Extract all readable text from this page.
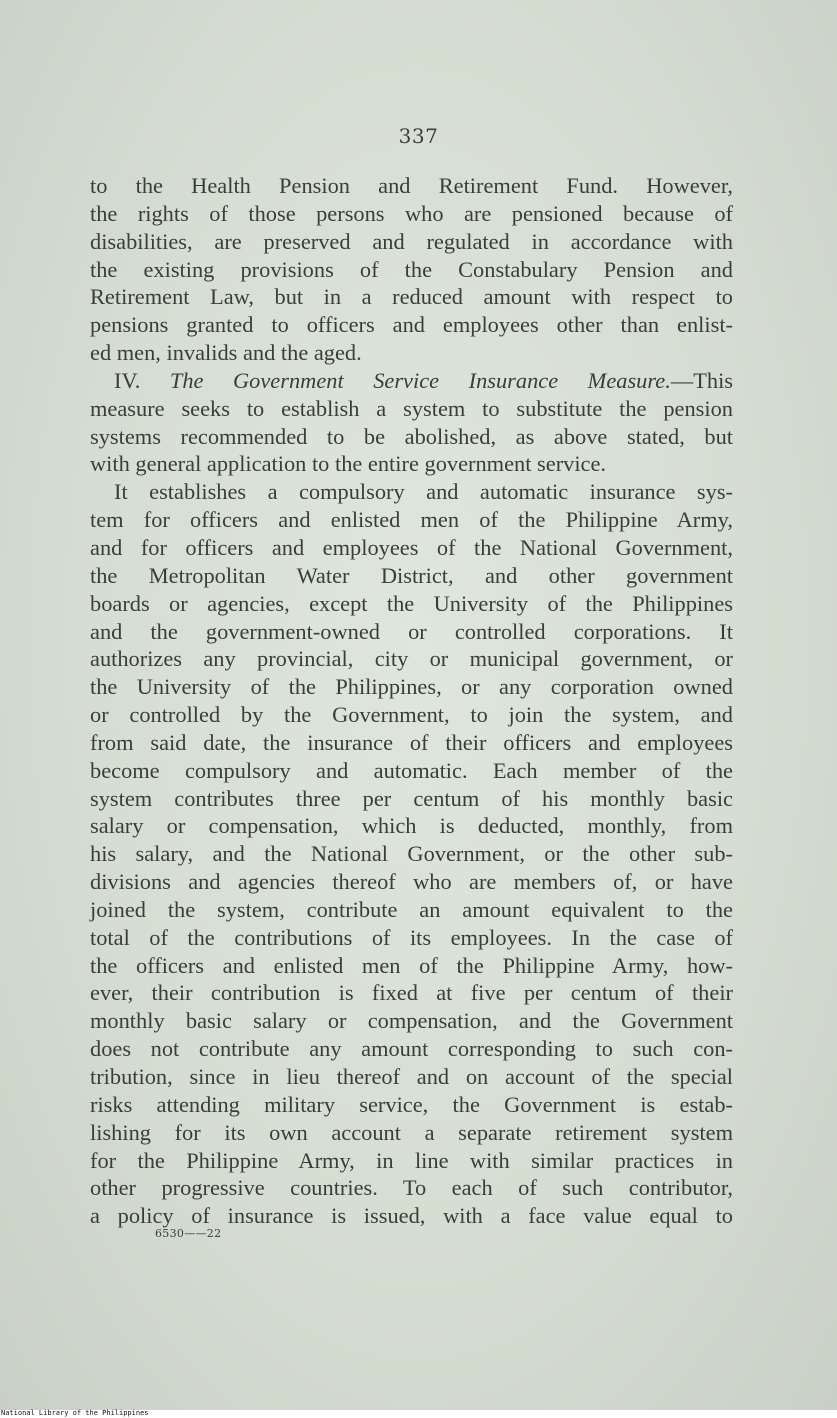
337
to the Health Pension and Retirement Fund. However,
the rights of those persons who are pensioned because of
disabilities, are preserved and regulated in accordance with
the existing provisions of the Constabulary Pension and
Retirement Law, but in a reduced amount with respect to
pensions granted to officers and employees other than enlist-
ed men, invalids and the aged.
IV. The Government Service Insurance Measure.—This
measure seeks to establish a system to substitute the pension
systems recommended to be abolished, as above stated, but
with general application to the entire government service.
It establishes a compulsory and automatic insurance sys-
tem for officers and enlisted men of the Philippine Army,
and for officers and employees of the National Government,
the Metropolitan Water District, and other government
boards or agencies, except the University of the Philippines
and the government-owned or controlled corporations. It
authorizes any provincial, city or municipal government, or
the University of the Philippines, or any corporation owned
or controlled by the Government, to join the system, and
from said date, the insurance of their officers and employees
become compulsory and automatic. Each member of the
system contributes three per centum of his monthly basic
salary or compensation, which is deducted, monthly, from
his salary, and the National Government, or the other sub-
divisions and agencies thereof who are members of, or have
joined the system, contribute an amount equivalent to the
total of the contributions of its employees. In the case of
the officers and enlisted men of the Philippine Army, how-
ever, their contribution is fixed at five per centum of their
monthly basic salary or compensation, and the Government
does not contribute any amount corresponding to such con-
tribution, since in lieu thereof and on account of the special
risks attending military service, the Government is estab-
lishing for its own account a separate retirement system
for the Philippine Army, in line with similar practices in
other progressive countries. To each of such contributor,
a policy of insurance is issued, with a face value equal to
6530——22
National Library of the Philippines
